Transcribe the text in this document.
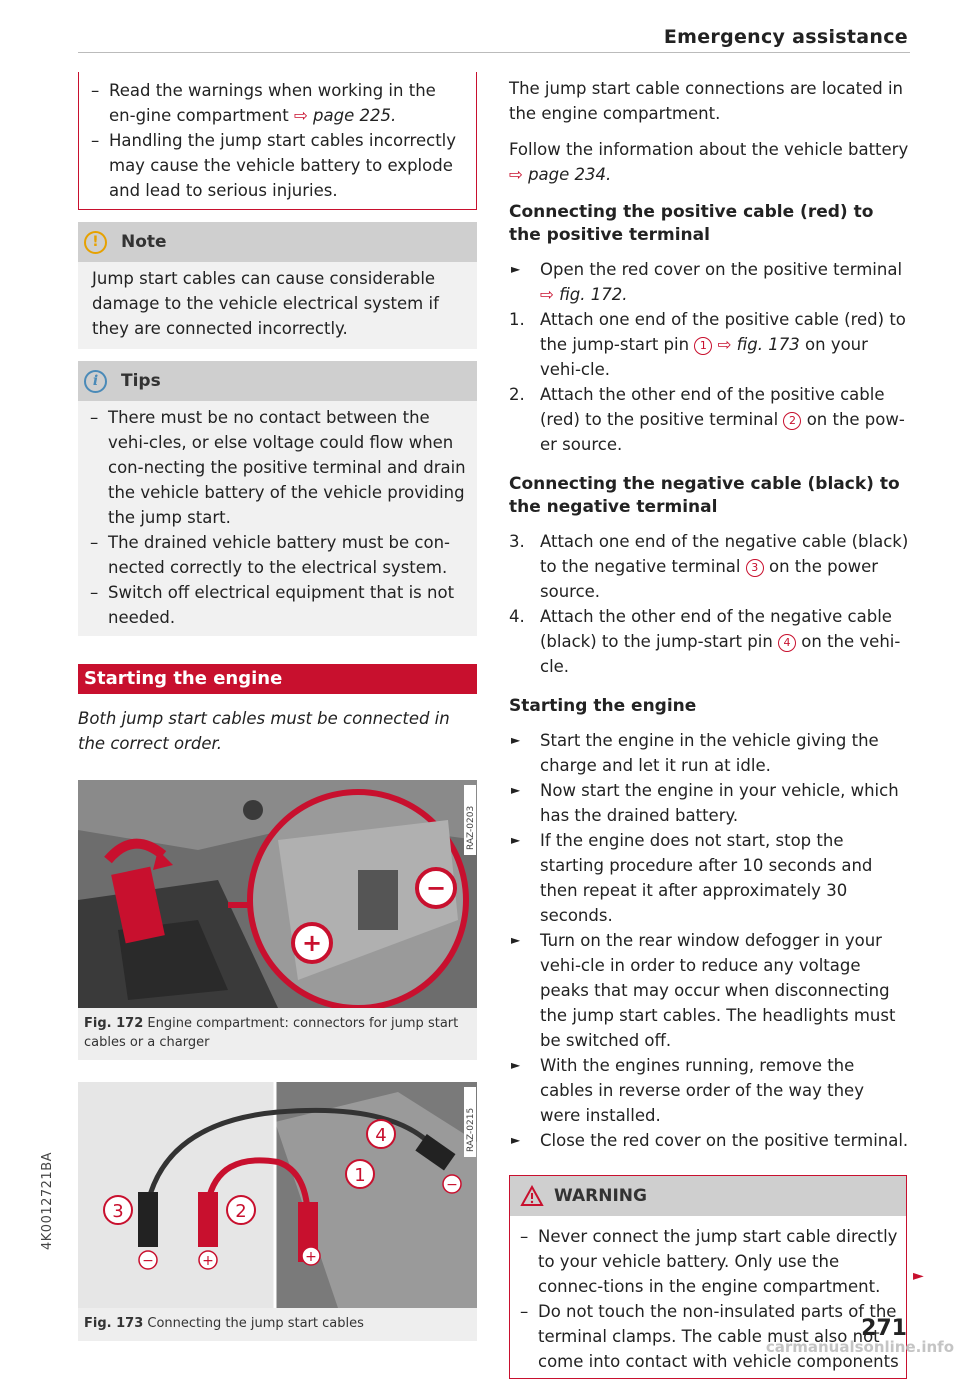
Emergency assistance
– Read the warnings when working in the en-gine compartment ⇨ page 225.
– Handling the jump start cables incorrectly may cause the vehicle battery to explode and lead to serious injuries.
!	Note
Jump start cables can cause considerable damage to the vehicle electrical system if they are connected incorrectly.
i	Tips
– There must be no contact between the vehi-cles, or else voltage could flow when con-necting the positive terminal and drain the vehicle battery of the vehicle providing the jump start.
– The drained vehicle battery must be con-nected correctly to the electrical system.
– Switch off electrical equipment that is not needed.
Starting the engine

Both jump start cables must be connected in the correct order.

−
+
RAZ-0203
Fig. 172 Engine compartment: connectors for jump start cables or a charger
3	2
1
4
−	+	+
−
RAZ-0215
Fig. 173 Connecting the jump start cables

The jump start cable connections are located in the engine compartment.

Follow the information about the vehicle battery ⇨ page 234.

Connecting the positive cable (red) to the positive terminal
► Open the red cover on the positive terminal ⇨ fig. 172.
1. Attach one end of the positive cable (red) to the jump-start pin 1 ⇨ fig. 173 on your vehi-cle.
2. Attach the other end of the positive cable (red) to the positive terminal 2 on the pow-er source.
Connecting the negative cable (black) to the negative terminal
3. Attach one end of the negative cable (black) to the negative terminal 3 on the power source.
4. Attach the other end of the negative cable (black) to the jump-start pin 4 on the vehi-cle.
Starting the engine
► Start the engine in the vehicle giving the charge and let it run at idle.
► Now start the engine in your vehicle, which has the drained battery.
► If the engine does not start, stop the starting procedure after 10 seconds and then repeat it after approximately 30 seconds.
► Turn on the rear window defogger in your vehi-cle in order to reduce any voltage peaks that may occur when disconnecting the jump start cables. The headlights must be switched off.
► With the engines running, remove the cables in reverse order of the way they were installed.
► Close the red cover on the positive terminal.
WARNING
– Never connect the jump start cable directly to your vehicle battery. Only use the connec-tions in the engine compartment.
– Do not touch the non-insulated parts of the terminal clamps. The cable must also not come into contact with vehicle components
►
271
4K0012721BA
carmanualsonline.info
